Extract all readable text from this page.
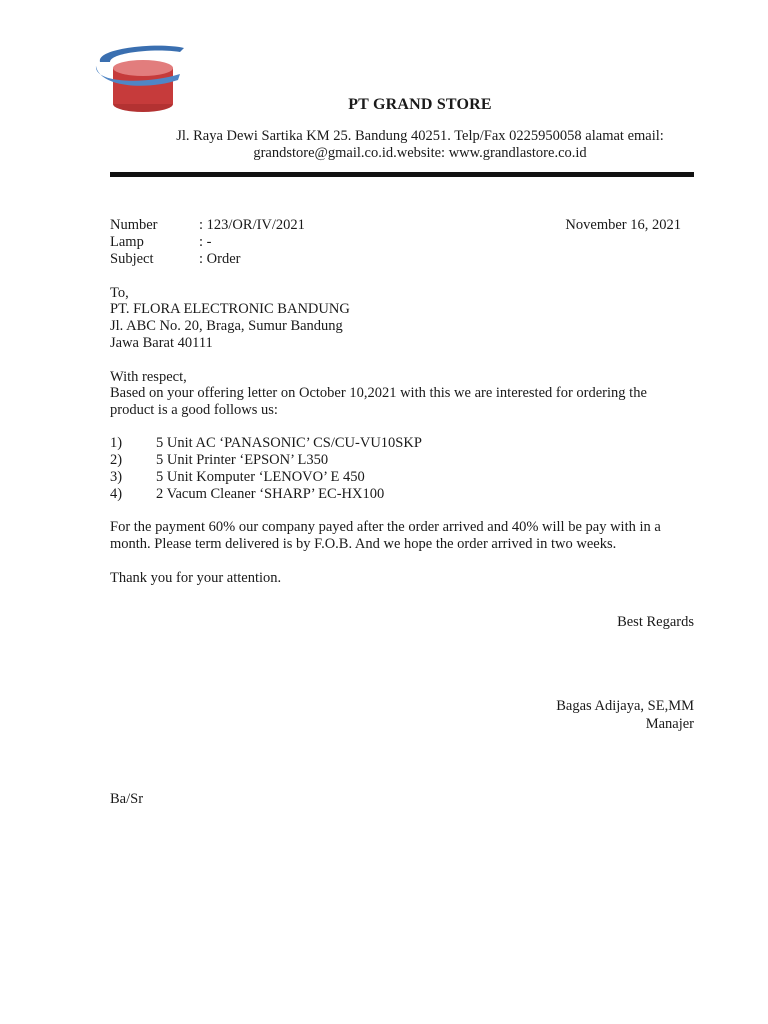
PT GRAND STORE
Jl. Raya Dewi Sartika KM 25. Bandung 40251. Telp/Fax 0225950058 alamat email:
grandstore@gmail.co.id.website: www.grandlastore.co.id
Number	: 123/OR/IV/2021	November 16, 2021
Lamp	: -
Subject	: Order
To,
PT. FLORA ELECTRONIC BANDUNG
Jl. ABC No. 20, Braga, Sumur Bandung
Jawa Barat 40111
With respect,
Based on your offering letter on October 10,2021 with this we are interested for ordering the product is a good follows us:
1) 5 Unit AC ‘PANASONIC’ CS/CU-VU10SKP
2) 5 Unit Printer ‘EPSON’ L350
3) 5 Unit Komputer ‘LENOVO’ E 450
4) 2 Vacum Cleaner ‘SHARP’ EC-HX100
For the payment 60% our company payed after the order arrived and 40% will be pay with in a month. Please term delivered is by F.O.B. And we hope the order arrived in two weeks.
Thank you for your attention.
Best Regards
Bagas Adijaya, SE,MM
Manajer
Ba/Sr
